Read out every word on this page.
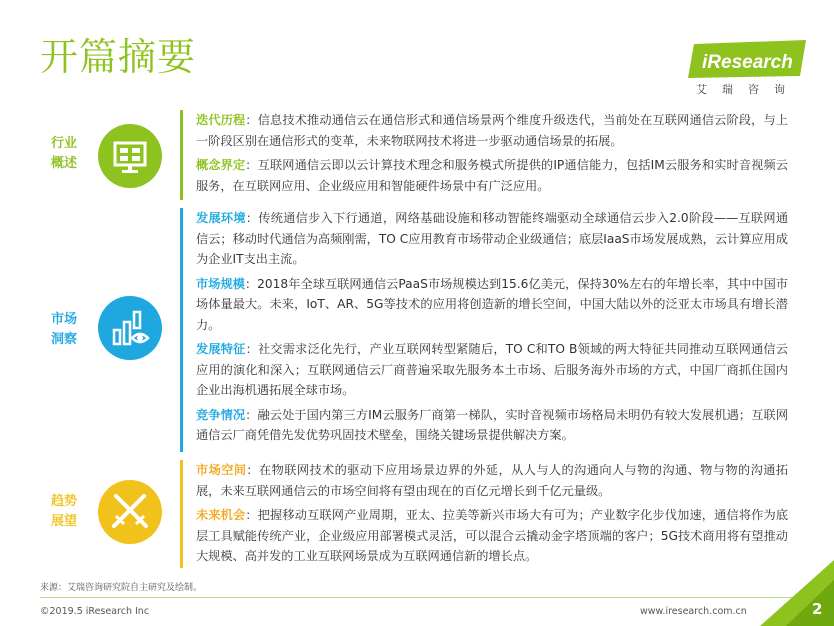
开篇摘要	iResearch
艾瑞咨询
行业
概述

迭代历程：信息技术推动通信云在通信形式和通信场景两个维度升级迭代，当前处在互联网通信云阶段，与上一阶段区别在通信形式的变革，未来物联网技术将进一步驱动通信场景的拓展。

概念界定：互联网通信云即以云计算技术理念和服务模式所提供的IP通信能力，包括IM云服务和实时音视频云服务，在互联网应用、企业级应用和智能硬件场景中有广泛应用。

市场
洞察

发展环境：传统通信步入下行通道，网络基础设施和移动智能终端驱动全球通信云步入2.0阶段——互联网通信云；移动时代通信为高频刚需，TO C应用教育市场带动企业级通信；底层IaaS市场发展成熟，云计算应用成为企业IT支出主流。

市场规模：2018年全球互联网通信云PaaS市场规模达到15.6亿美元，保持30%左右的年增长率，其中中国市场体量最大。未来，IoT、AR、5G等技术的应用将创造新的增长空间，中国大陆以外的泛亚太市场具有增长潜力。

发展特征：社交需求泛化先行，产业互联网转型紧随后，TO C和TO B领域的两大特征共同推动互联网通信云应用的演化和深入；互联网通信云厂商普遍采取先服务本土市场、后服务海外市场的方式，中国厂商抓住国内企业出海机遇拓展全球市场。

竞争情况：融云处于国内第三方IM云服务厂商第一梯队，实时音视频市场格局未明仍有较大发展机遇；互联网通信云厂商凭借先发优势巩固技术壁垒，围绕关键场景提供解决方案。

趋势
展望

市场空间：在物联网技术的驱动下应用场景边界的外延，从人与人的沟通向人与物的沟通、物与物的沟通拓展，未来互联网通信云的市场空间将有望由现在的百亿元增长到千亿元量级。

未来机会：把握移动互联网产业周期，亚太、拉美等新兴市场大有可为；产业数字化步伐加速，通信将作为底层工具赋能传统产业，企业级应用部署模式灵活，可以混合云撬动金字塔顶端的客户；5G技术商用将有望推动大规模、高并发的工业互联网场景成为互联网通信新的增长点。

来源：艾瑞咨询研究院自主研究及绘制。
©2019.5 iResearch Inc	www.iresearch.com.cn	2
